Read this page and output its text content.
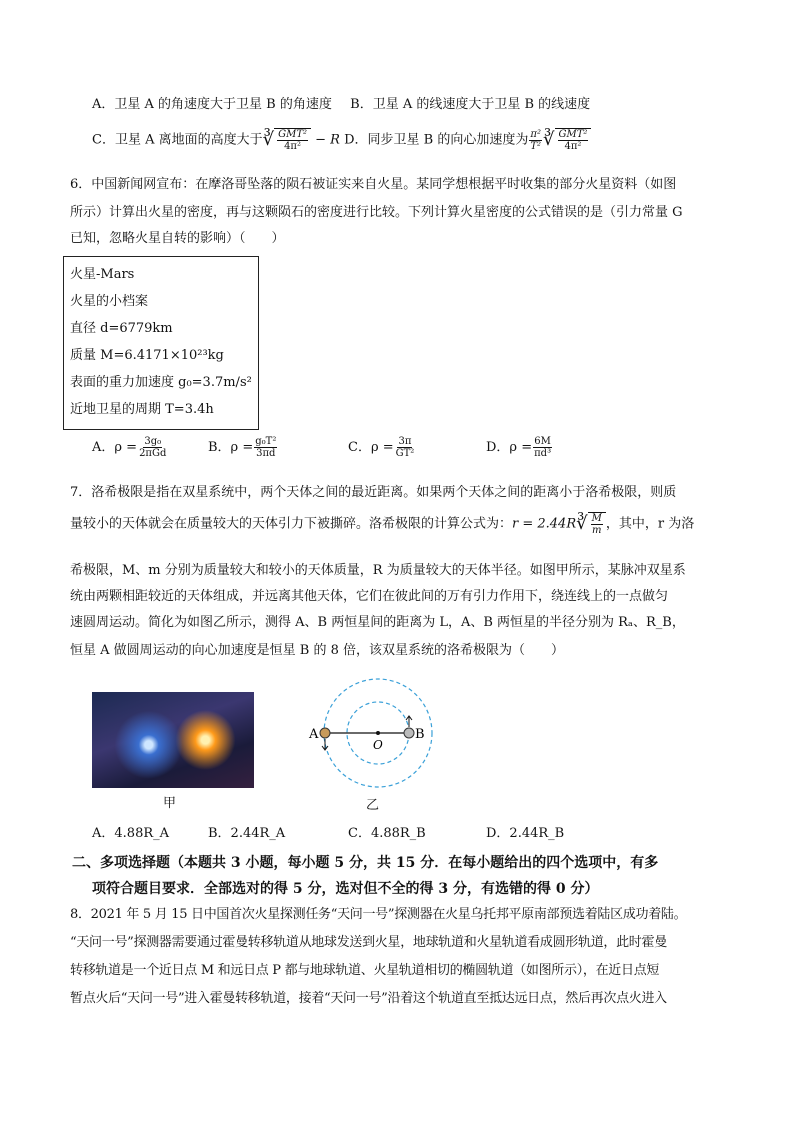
A．卫星 A 的角速度大于卫星 B 的角速度 B．卫星 A 的线速度大于卫星 B 的线速度
C．卫星 A 离地面的高度大于∛ $\frac{\text{GMT²}}{\text{4π²}} - R$ D．同步卫星 B 的向心加速度为 $\frac{\text{π²}}{\text{T²}}$ ∛ $\frac{\text{GMT²}}{\text{4π²}}$
6．中国新闻网宣布：在摩洛哥坠落的陨石被证实来自火星。某同学想根据平时收集的部分火星资料（如图
所示）计算出火星的密度，再与这颗陨石的密度进行比较。下列计算火星密度的公式错误的是（引力常量 G
已知，忽略火星自转的影响）（　　）
火星-Mars
火星的小档案
直径 d=6779km
质量 M=6.4171×10²³kg
表面的重力加速度 g₀=3.7m/s²
近地卫星的周期 T=3.4h
A．$\rho = \frac{\text{3g₀}}{\text{2πGd}}$	B．$\rho = \frac{\text{g₀T²}}{3\pi d}$	C．$\rho = \frac{3\pi}{\text{GT²}}$	D．$\rho = \frac{6M}{\text{πd³}}$
7．洛希极限是指在双星系统中，两个天体之间的最近距离。如果两个天体之间的距离小于洛希极限，则质
量较小的天体就会在质量较大的天体引力下被撕碎。洛希极限的计算公式为：r = 2.44R∛ $\frac{M}{m}$ ，其中，r 为洛
希极限，M、m 分别为质量较大和较小的天体质量，R 为质量较大的天体半径。如图甲所示，某脉冲双星系
统由两颗相距较近的天体组成，并远离其他天体，它们在彼此间的万有引力作用下，绕连线上的一点做匀
速圆周运动。简化为如图乙所示，测得 A、B 两恒星间的距离为 L，A、B 两恒星的半径分别为 Rₐ、R_B，
恒星 A 做圆周运动的向心加速度是恒星 B 的 8 倍，该双星系统的洛希极限为（　　）
甲
A	B
O
乙
A．4.88R_A	B．2.44R_A	C．4.88R_B	D．2.44R_B
二、多项选择题（本题共 3 小题，每小题 5 分，共 15 分．在每小题给出的四个选项中，有多
项符合题目要求．全部选对的得 5 分，选对但不全的得 3 分，有选错的得 0 分）
8．2021 年 5 月 15 日中国首次火星探测任务“天问一号”探测器在火星乌托邦平原南部预选着陆区成功着陆。
“天问一号”探测器需要通过霍曼转移轨道从地球发送到火星，地球轨道和火星轨道看成圆形轨道，此时霍曼
转移轨道是一个近日点 M 和远日点 P 都与地球轨道、火星轨道相切的椭圆轨道（如图所示），在近日点短
暂点火后“天问一号”进入霍曼转移轨道，接着“天问一号”沿着这个轨道直至抵达远日点，然后再次点火进入
